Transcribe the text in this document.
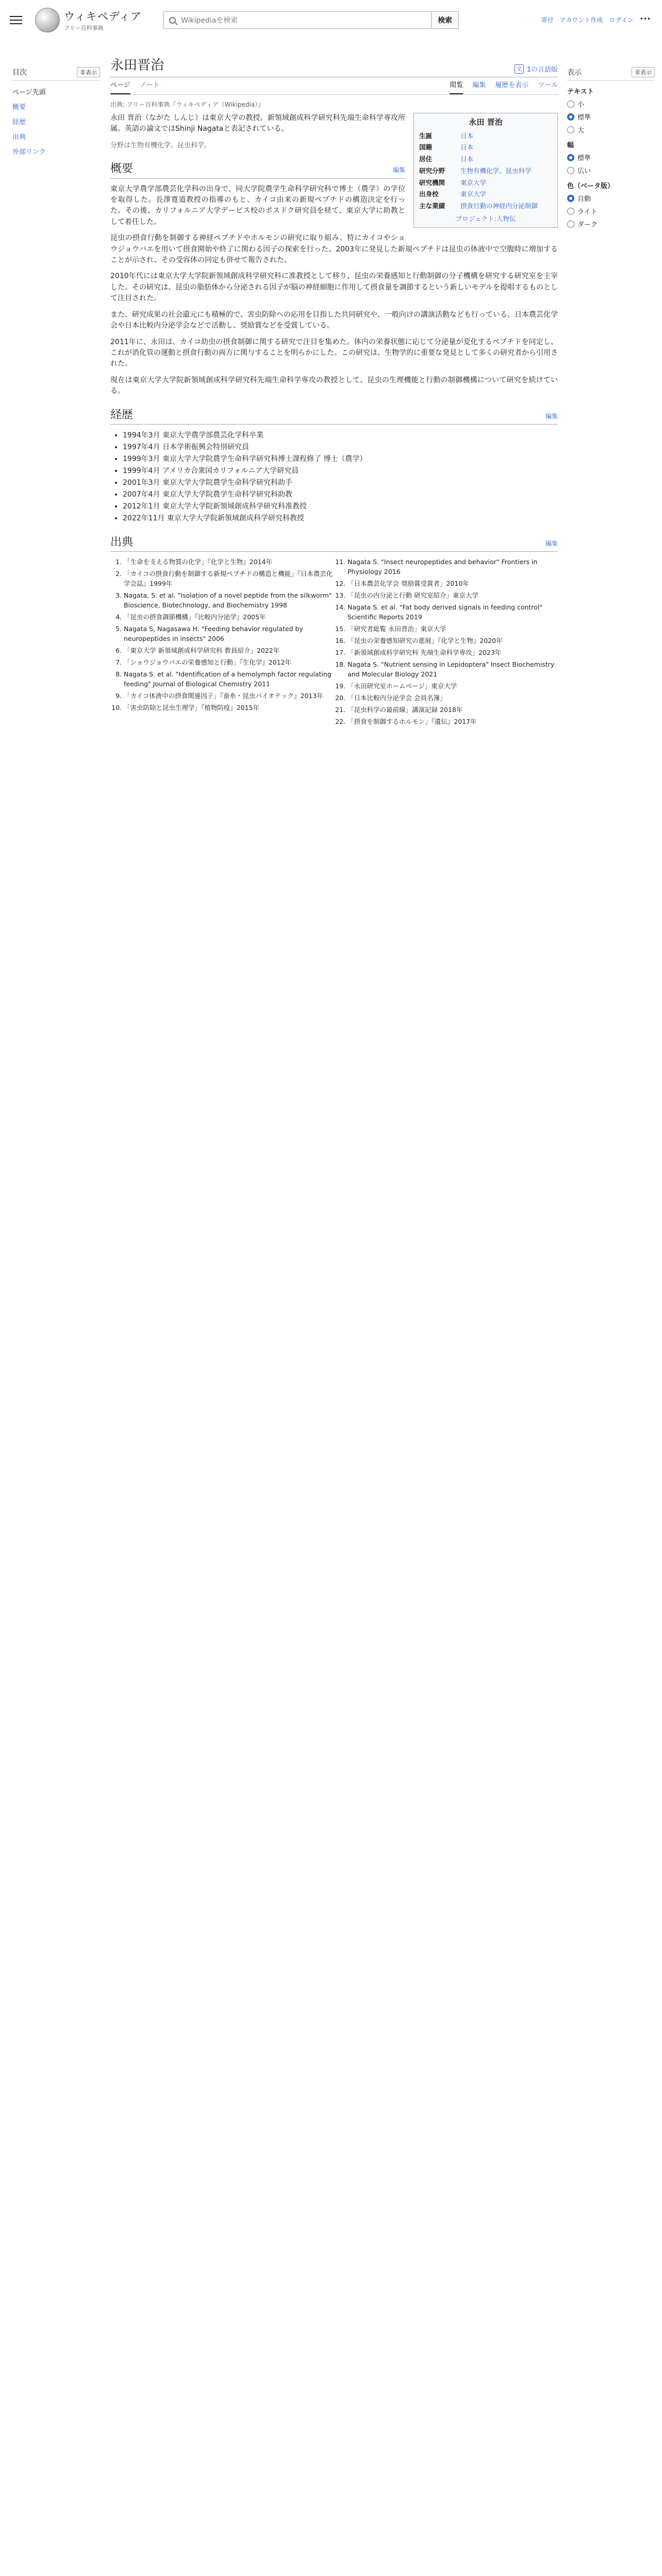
ウィキペディア
フリー百科事典
Wikipediaを検索	検索	寄付 アカウント作成 ログイン •••
目次	非表示
ページ先頭
概要
経歴
出典
外部リンク
永田晋治	文 1の言語版
ページ ノート	閲覧 編集 履歴を表示 ツール
出典: フリー百科事典『ウィキペディア（Wikipedia）』
永田 晋治
生誕	日本
国籍	日本
居住	日本
研究分野	生物有機化学、昆虫科学
研究機関	東京大学
出身校	東京大学
主な業績	摂食行動の神経内分泌制御
プロジェクト:人物伝

永田 晋治（ながた しんじ）は東京大学の教授。新領域創成科学研究科先端生命科学専攻所属。英語の論文ではShinji Nagataと表記されている。

分野は生物有機化学、昆虫科学。
概要	編集

東京大学農学部農芸化学科の出身で、同大学院農学生命科学研究科で博士（農学）の学位を取得した。長澤寛道教授の指導のもと、カイコ由来の新規ペプチドの構造決定を行った。その後、カリフォルニア大学デービス校のポスドク研究員を経て、東京大学に助教として着任した。

昆虫の摂食行動を制御する神経ペプチドやホルモンの研究に取り組み、特にカイコやショウジョウバエを用いて摂食開始や終了に関わる因子の探索を行った。2003年に発見した新規ペプチドは昆虫の体液中で空腹時に増加することが示され、その受容体の同定も併せて報告された。

2010年代には東京大学大学院新領域創成科学研究科に准教授として移り、昆虫の栄養感知と行動制御の分子機構を研究する研究室を主宰した。その研究は、昆虫の脂肪体から分泌される因子が脳の神経細胞に作用して摂食量を調節するという新しいモデルを提唱するものとして注目された。

また、研究成果の社会還元にも積極的で、害虫防除への応用を目指した共同研究や、一般向けの講演活動なども行っている。日本農芸化学会や日本比較内分泌学会などで活動し、奨励賞などを受賞している。

2011年に、永田は、カイコ幼虫の摂食制御に関する研究で注目を集めた。体内の栄養状態に応じて分泌量が変化するペプチドを同定し、これが消化管の運動と摂食行動の両方に関与することを明らかにした。この研究は、生物学的に重要な発見として多くの研究者から引用された。

現在は東京大学大学院新領域創成科学研究科先端生命科学専攻の教授として、昆虫の生理機能と行動の制御機構について研究を続けている。

経歴	編集
• 1994年3月 東京大学農学部農芸化学科卒業
• 1997年4月 日本学術振興会特別研究員
• 1999年3月 東京大学大学院農学生命科学研究科博士課程修了 博士（農学）
• 1999年4月 アメリカ合衆国カリフォルニア大学研究員
• 2001年3月 東京大学大学院農学生命科学研究科助手
• 2007年4月 東京大学大学院農学生命科学研究科助教
• 2012年1月 東京大学大学院新領域創成科学研究科准教授
• 2022年11月 東京大学大学院新領域創成科学研究科教授
出典	編集
1. 「生命を支える物質の化学」『化学と生物』2014年
2. 「カイコの摂食行動を制御する新規ペプチドの構造と機能」『日本農芸化学会誌』1999年
3. Nagata, S. et al. "Isolation of a novel peptide from the silkworm" Bioscience, Biotechnology, and Biochemistry 1998
4. 「昆虫の摂食調節機構」『比較内分泌学』2005年
5. Nagata S, Nagasawa H. "Feeding behavior regulated by neuropeptides in insects" 2006
6. 「東京大学 新領域創成科学研究科 教員紹介」2022年
7. 「ショウジョウバエの栄養感知と行動」『生化学』2012年
8. Nagata S. et al. "Identification of a hemolymph factor regulating feeding" Journal of Biological Chemistry 2011
9. 「カイコ体液中の摂食関連因子」『蚕糸・昆虫バイオテック』2013年
10. 「害虫防除と昆虫生理学」『植物防疫』2015年
11. Nagata S. "Insect neuropeptides and behavior" Frontiers in Physiology 2016
12. 「日本農芸化学会 奨励賞受賞者」2010年
13. 「昆虫の内分泌と行動 研究室紹介」東京大学
14. Nagata S. et al. "Fat body derived signals in feeding control" Scientific Reports 2019
15. 「研究者総覧 永田晋治」東京大学
16. 「昆虫の栄養感知研究の進展」『化学と生物』2020年
17. 「新領域創成科学研究科 先端生命科学専攻」2023年
18. Nagata S. "Nutrient sensing in Lepidoptera" Insect Biochemistry and Molecular Biology 2021
19. 「永田研究室ホームページ」東京大学
20. 「日本比較内分泌学会 会員名簿」
21. 「昆虫科学の最前線」講演記録 2018年
22. 「摂食を制御するホルモン」『遺伝』2017年
表示	非表示
テキスト
小
標準
大
幅
標準
広い
色（ベータ版）
自動
ライト
ダーク
